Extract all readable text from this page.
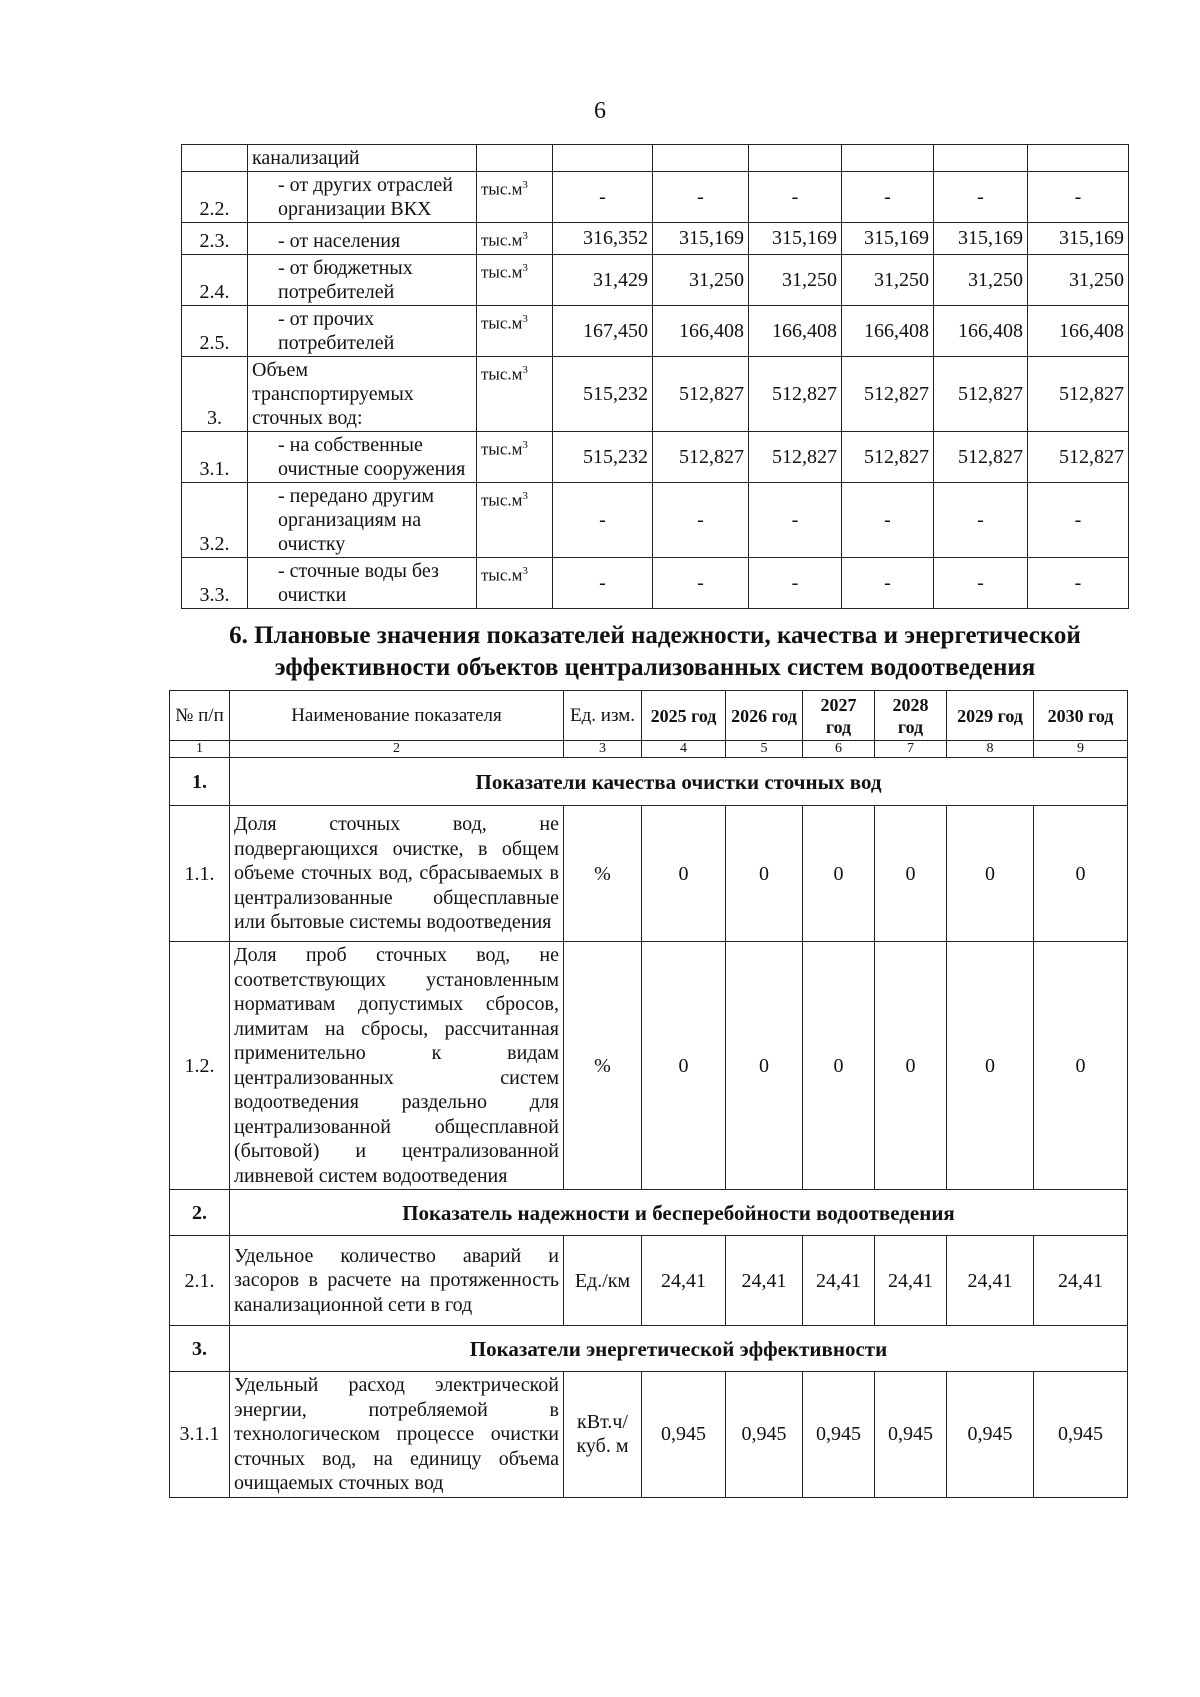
6
	канализаций							
2.2.	- от других отраслей организации ВКХ	$тыс.м^3$	-	-	-	-	-	-
2.3.	- от населения	$тыс.м^3$	316,352	315,169	315,169	315,169	315,169	315,169
2.4.	- от бюджетных потребителей	$тыс.м^3$	31,429	31,250	31,250	31,250	31,250	31,250
2.5.	- от прочих потребителей	$тыс.м^3$	167,450	166,408	166,408	166,408	166,408	166,408
3.	Объем транспортируемых сточных вод:	$тыс.м^3$	515,232	512,827	512,827	512,827	512,827	512,827
3.1.	- на собственные очистные сооружения	$тыс.м^3$	515,232	512,827	512,827	512,827	512,827	512,827
3.2.	- передано другим организациям на очистку	$тыс.м^3$	-	-	-	-	-	-
3.3.	- сточные воды без очистки	$тыс.м^3$	-	-	-	-	-	-
6. Плановые значения показателей надежности, качества и энергетической эффективности объектов централизованных систем водоотведения
№ п/п	Наименование показателя	Ед. изм.	2025 год	2026 год	2027 год	2028 год	2029 год	2030 год
1	2	3	4	5	6	7	8	9
1.	Показатели качества очистки сточных вод							
1.1.	Доля сточных вод, не подвергающихся очистке, в общем объеме сточных вод, сбрасываемых в централизованные общесплавные или бытовые системы водоотведения	%	0	0	0	0	0	0
1.2.	Доля проб сточных вод, не соответствующих установленным нормативам допустимых сбросов, лимитам на сбросы, рассчитанная применительно к видам централизованных систем водоотведения раздельно для централизованной общесплавной (бытовой) и централизованной ливневой систем водоотведения	%	0	0	0	0	0	0
2.	Показатель надежности и бесперебойности водоотведения							
2.1.	Удельное количество аварий и засоров в расчете на протяженность канализационной сети в год	Ед./км	24,41	24,41	24,41	24,41	24,41	24,41
3.	Показатели энергетической эффективности							
3.1.1	Удельный расход электрической энергии, потребляемой в технологическом процессе очистки сточных вод, на единицу объема очищаемых сточных вод	кВт.ч/ куб. м	0,945	0,945	0,945	0,945	0,945	0,945
